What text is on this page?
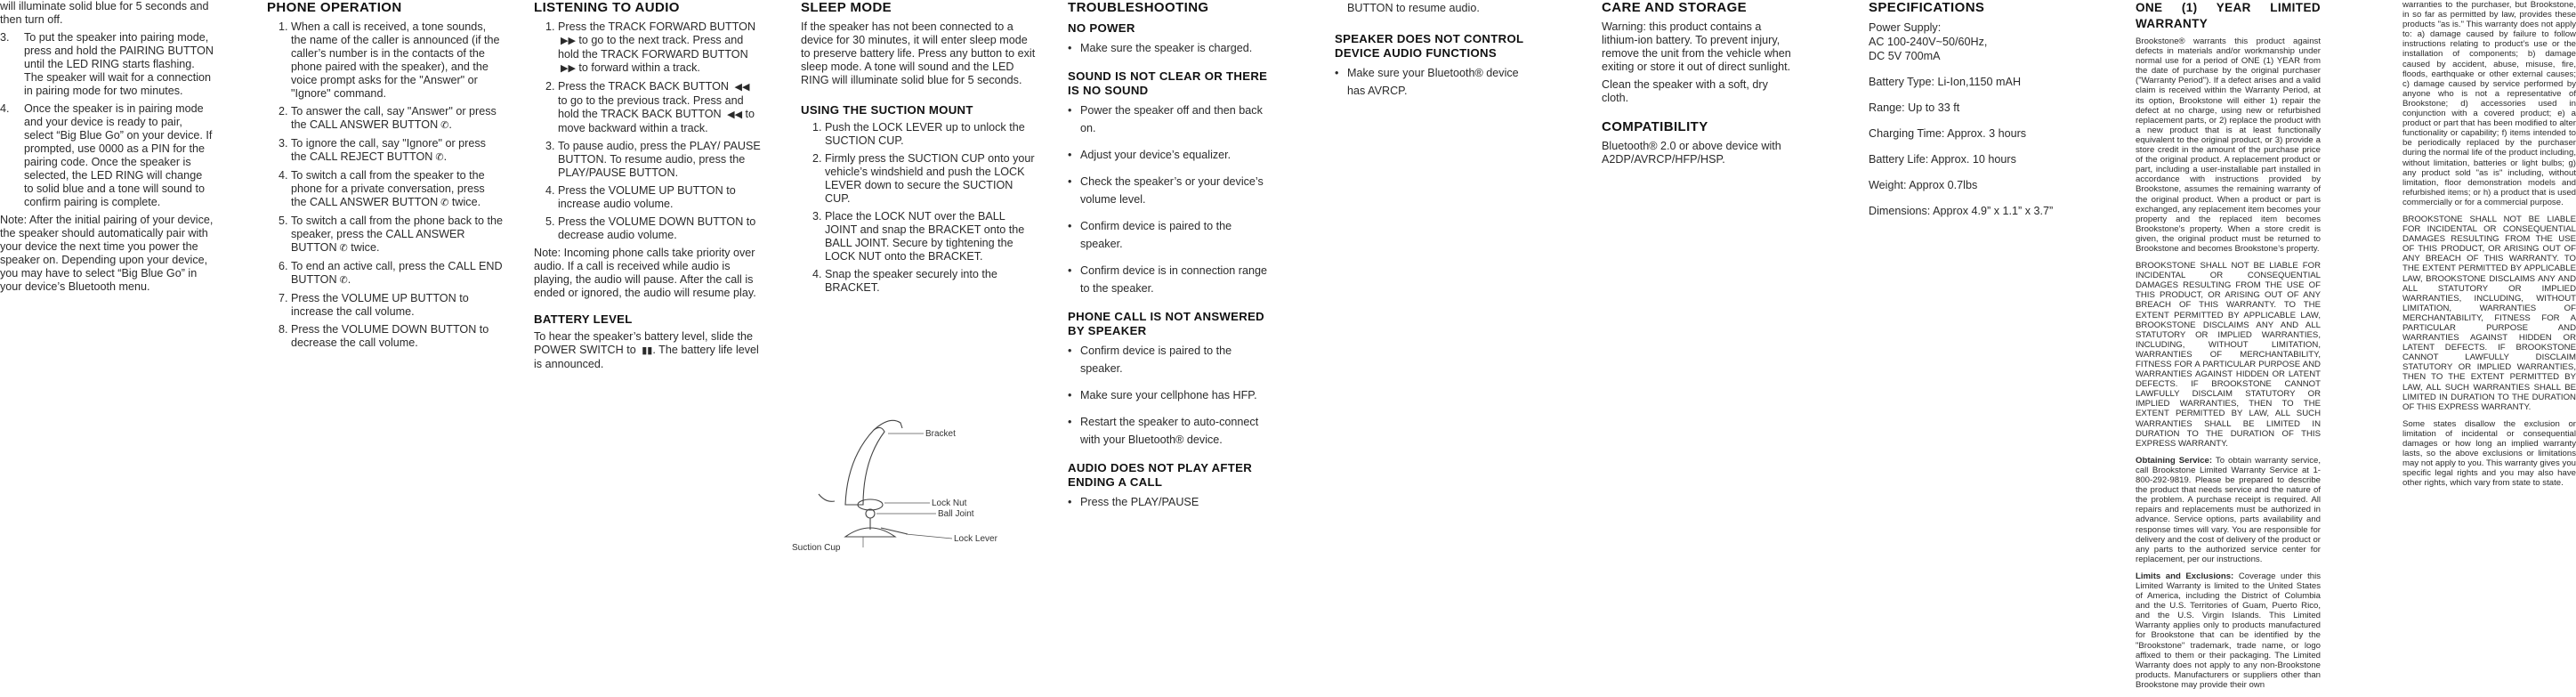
will illuminate solid blue for 5 seconds and then turn off.

3.	To put the speaker into pairing mode, press and hold the PAIRING BUTTON until the LED RING starts flashing. The speaker will wait for a connection in pairing mode for two minutes.
4.	Once the speaker is in pairing mode and your device is ready to pair, select “Big Blue Go” on your device. If prompted, use 0000 as a PIN for the pairing code. Once the speaker is selected, the LED RING will change to solid blue and a tone will sound to confirm pairing is complete.

Note: After the initial pairing of your device, the speaker should automatically pair with your device the next time you power the speaker on. Depending upon your device, you may have to select “Big Blue Go” in your device’s Bluetooth menu.

PHONE OPERATION
1. When a call is received, a tone sounds, the name of the caller is announced (if the caller’s number is in the contacts of the phone paired with the speaker), and the voice prompt asks for the "Answer" or "Ignore" command.
2. To answer the call, say "Answer" or press the CALL ANSWER BUTTON ✆.
3. To ignore the call, say "Ignore" or press the CALL REJECT BUTTON ✆.
4. To switch a call from the speaker to the phone for a private conversation, press the CALL ANSWER BUTTON ✆ twice.
5. To switch a call from the phone back to the speaker, press the CALL ANSWER BUTTON ✆ twice.
6. To end an active call, press the CALL END BUTTON ✆.
7. Press the VOLUME UP BUTTON to increase the call volume.
8. Press the VOLUME DOWN BUTTON to decrease the call volume.
LISTENING TO AUDIO
1. Press the TRACK FORWARD BUTTON ▶▶ to go to the next track. Press and hold the TRACK FORWARD BUTTON ▶▶ to forward within a track.
2. Press the TRACK BACK BUTTON ◀◀ to go to the previous track. Press and hold the TRACK BACK BUTTON ◀◀ to move backward within a track.
3. To pause audio, press the PLAY/ PAUSE BUTTON. To resume audio, press the PLAY/PAUSE BUTTON.
4. Press the VOLUME UP BUTTON to increase audio volume.
5. Press the VOLUME DOWN BUTTON to decrease audio volume.

Note: Incoming phone calls take priority over audio. If a call is received while audio is playing, the audio will pause. After the call is ended or ignored, the audio will resume play.

BATTERY LEVEL

To hear the speaker’s battery level, slide the POWER SWITCH to ▮▮. The battery life level is announced.

SLEEP MODE

If the speaker has not been connected to a device for 30 minutes, it will enter sleep mode to preserve battery life. Press any button to exit sleep mode. A tone will sound and the LED RING will illuminate solid blue for 5 seconds.

USING THE SUCTION MOUNT
1. Push the LOCK LEVER up to unlock the SUCTION CUP.
2. Firmly press the SUCTION CUP onto your vehicle’s windshield and push the LOCK LEVER down to secure the SUCTION CUP.
3. Place the LOCK NUT over the BALL JOINT and snap the BRACKET onto the BALL JOINT. Secure by tightening the LOCK NUT onto the BRACKET.
4. Snap the speaker securely into the BRACKET.
Bracket
Lock Nut
Ball Joint
Lock Lever
Suction Cup
TROUBLESHOOTING
NO POWER
• Make sure the speaker is charged.
SOUND IS NOT CLEAR OR THERE IS NO SOUND
• Power the speaker off and then back on.
• Adjust your device’s equalizer.
• Check the speaker’s or your device’s volume level.
• Confirm device is paired to the speaker.
• Confirm device is in connection range to the speaker.
PHONE CALL IS NOT ANSWERED BY SPEAKER
• Confirm device is paired to the speaker.
• Make sure your cellphone has HFP.
• Restart the speaker to auto-connect with your Bluetooth® device.
AUDIO DOES NOT PLAY AFTER ENDING A CALL
• Press the PLAY/PAUSE

BUTTON to resume audio.

SPEAKER DOES NOT CONTROL DEVICE AUDIO FUNCTIONS
• Make sure your Bluetooth® device has AVRCP.
CARE AND STORAGE

Warning: this product contains a lithium-ion battery. To prevent injury, remove the unit from the vehicle when exiting or store it out of direct sunlight.

Clean the speaker with a soft, dry cloth.

COMPATIBILITY

Bluetooth® 2.0 or above device with A2DP/AVRCP/HFP/HSP.

SPECIFICATIONS

Power Supply:
AC 100-240V~50/60Hz,
DC 5V 700mA

Battery Type: Li-Ion,1150 mAH

Range: Up to 33 ft

Charging Time: Approx. 3 hours

Battery Life: Approx. 10 hours

Weight: Approx 0.7lbs

Dimensions: Approx 4.9” x 1.1” x 3.7”

ONE (1) YEAR LIMITED WARRANTY

Brookstone® warrants this product against defects in materials and/or workmanship under normal use for a period of ONE (1) YEAR from the date of purchase by the original purchaser ("Warranty Period"). If a defect arises and a valid claim is received within the Warranty Period, at its option, Brookstone will either 1) repair the defect at no charge, using new or refurbished replacement parts, or 2) replace the product with a new product that is at least functionally equivalent to the original product, or 3) provide a store credit in the amount of the purchase price of the original product. A replacement product or part, including a user-installable part installed in accordance with instructions provided by Brookstone, assumes the remaining warranty of the original product. When a product or part is exchanged, any replacement item becomes your property and the replaced item becomes Brookstone’s property. When a store credit is given, the original product must be returned to Brookstone and becomes Brookstone’s property.

BROOKSTONE SHALL NOT BE LIABLE FOR INCIDENTAL OR CONSEQUENTIAL DAMAGES RESULTING FROM THE USE OF THIS PRODUCT, OR ARISING OUT OF ANY BREACH OF THIS WARRANTY. TO THE EXTENT PERMITTED BY APPLICABLE LAW, BROOKSTONE DISCLAIMS ANY AND ALL STATUTORY OR IMPLIED WARRANTIES, INCLUDING, WITHOUT LIMITATION, WARRANTIES OF MERCHANTABILITY, FITNESS FOR A PARTICULAR PURPOSE AND WARRANTIES AGAINST HIDDEN OR LATENT DEFECTS. IF BROOKSTONE CANNOT LAWFULLY DISCLAIM STATUTORY OR IMPLIED WARRANTIES, THEN TO THE EXTENT PERMITTED BY LAW, ALL SUCH WARRANTIES SHALL BE LIMITED IN DURATION TO THE DURATION OF THIS EXPRESS WARRANTY.

Obtaining Service: To obtain warranty service, call Brookstone Limited Warranty Service at 1-800-292-9819. Please be prepared to describe the product that needs service and the nature of the problem. A purchase receipt is required. All repairs and replacements must be authorized in advance. Service options, parts availability and response times will vary. You are responsible for delivery and the cost of delivery of the product or any parts to the authorized service center for replacement, per our instructions.

Limits and Exclusions: Coverage under this Limited Warranty is limited to the United States of America, including the District of Columbia and the U.S. Territories of Guam, Puerto Rico, and the U.S. Virgin Islands. This Limited Warranty applies only to products manufactured for Brookstone that can be identified by the "Brookstone" trademark, trade name, or logo affixed to them or their packaging. The Limited Warranty does not apply to any non-Brookstone products. Manufacturers or suppliers other than Brookstone may provide their own

warranties to the purchaser, but Brookstone, in so far as permitted by law, provides these products "as is." This warranty does not apply to: a) damage caused by failure to follow instructions relating to product’s use or the installation of components; b) damage caused by accident, abuse, misuse, fire, floods, earthquake or other external causes; c) damage caused by service performed by anyone who is not a representative of Brookstone; d) accessories used in conjunction with a covered product; e) a product or part that has been modified to alter functionality or capability; f) items intended to be periodically replaced by the purchaser during the normal life of the product including, without limitation, batteries or light bulbs; g) any product sold "as is" including, without limitation, floor demonstration models and refurbished items; or h) a product that is used commercially or for a commercial purpose.

BROOKSTONE SHALL NOT BE LIABLE FOR INCIDENTAL OR CONSEQUENTIAL DAMAGES RESULTING FROM THE USE OF THIS PRODUCT, OR ARISING OUT OF ANY BREACH OF THIS WARRANTY. TO THE EXTENT PERMITTED BY APPLICABLE LAW, BROOKSTONE DISCLAIMS ANY AND ALL STATUTORY OR IMPLIED WARRANTIES, INCLUDING, WITHOUT LIMITATION, WARRANTIES OF MERCHANTABILITY, FITNESS FOR A PARTICULAR PURPOSE AND WARRANTIES AGAINST HIDDEN OR LATENT DEFECTS. IF BROOKSTONE CANNOT LAWFULLY DISCLAIM STATUTORY OR IMPLIED WARRANTIES, THEN TO THE EXTENT PERMITTED BY LAW, ALL SUCH WARRANTIES SHALL BE LIMITED IN DURATION TO THE DURATION OF THIS EXPRESS WARRANTY.

Some states disallow the exclusion or limitation of incidental or consequential damages or how long an implied warranty lasts, so the above exclusions or limitations may not apply to you. This warranty gives you specific legal rights and you may also have other rights, which vary from state to state.
